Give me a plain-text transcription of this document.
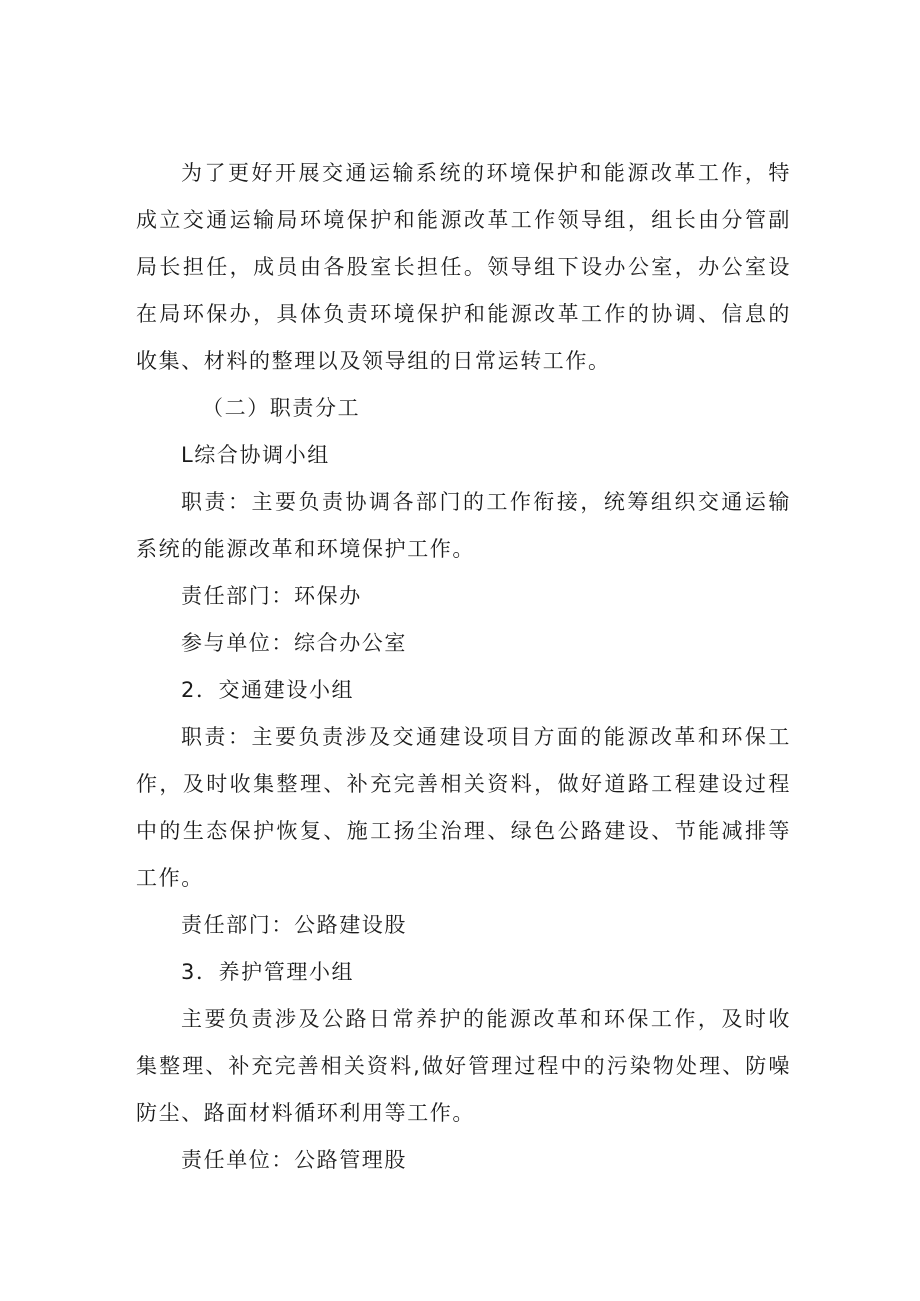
为了更好开展交通运输系统的环境保护和能源改革工作，特成立交通运输局环境保护和能源改革工作领导组，组长由分管副局长担任，成员由各股室长担任。领导组下设办公室，办公室设在局环保办，具体负责环境保护和能源改革工作的协调、信息的收集、材料的整理以及领导组的日常运转工作。

（二）职责分工

L综合协调小组

职责：主要负责协调各部门的工作衔接，统筹组织交通运输系统的能源改革和环境保护工作。

责任部门：环保办

参与单位：综合办公室

2．交通建设小组

职责：主要负责涉及交通建设项目方面的能源改革和环保工作，及时收集整理、补充完善相关资料，做好道路工程建设过程中的生态保护恢复、施工扬尘治理、绿色公路建设、节能减排等工作。

责任部门：公路建设股

3．养护管理小组

主要负责涉及公路日常养护的能源改革和环保工作，及时收集整理、补充完善相关资料,做好管理过程中的污染物处理、防噪防尘、路面材料循环利用等工作。

责任单位：公路管理股
